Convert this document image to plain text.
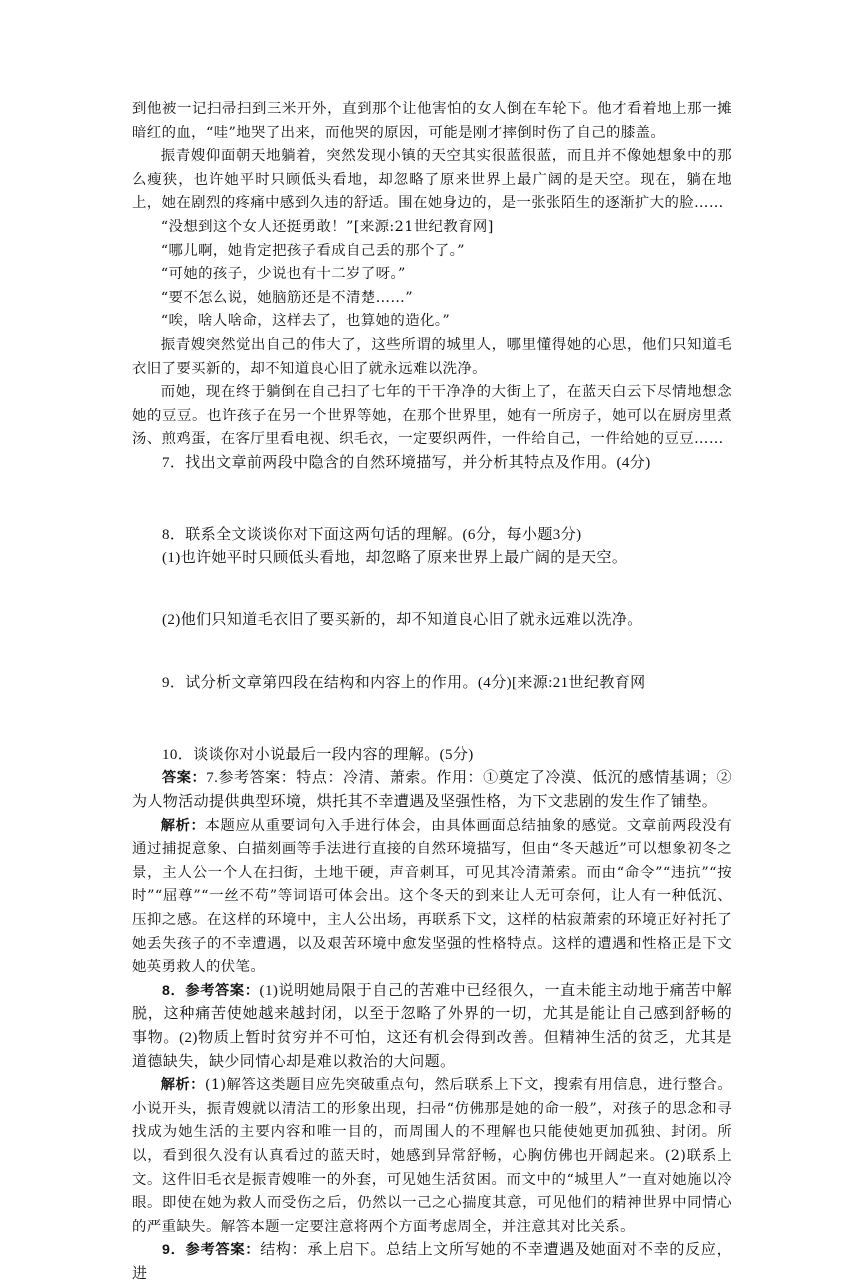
到他被一记扫帚扫到三米开外，直到那个让他害怕的女人倒在车轮下。他才看着地上那一摊暗红的血，“哇”地哭了出来，而他哭的原因，可能是刚才摔倒时伤了自己的膝盖。

振青嫂仰面朝天地躺着，突然发现小镇的天空其实很蓝很蓝，而且并不像她想象中的那么瘦狭，也许她平时只顾低头看地，却忽略了原来世界上最广阔的是天空。现在，躺在地上，她在剧烈的疼痛中感到久违的舒适。围在她身边的，是一张张陌生的逐渐扩大的脸……

“没想到这个女人还挺勇敢！”[来源:21世纪教育网]

“哪儿啊，她肯定把孩子看成自己丢的那个了。”

“可她的孩子，少说也有十二岁了呀。”

“要不怎么说，她脑筋还是不清楚……”

“唉，啥人啥命，这样去了，也算她的造化。”

振青嫂突然觉出自己的伟大了，这些所谓的城里人，哪里懂得她的心思，他们只知道毛衣旧了要买新的，却不知道良心旧了就永远难以洗净。

而她，现在终于躺倒在自己扫了七年的干干净净的大街上了，在蓝天白云下尽情地想念她的豆豆。也许孩子在另一个世界等她，在那个世界里，她有一所房子，她可以在厨房里煮汤、煎鸡蛋，在客厅里看电视、织毛衣，一定要织两件，一件给自己，一件给她的豆豆……

7．找出文章前两段中隐含的自然环境描写，并分析其特点及作用。(4分)

8．联系全文谈谈你对下面这两句话的理解。(6分，每小题3分)

(1)也许她平时只顾低头看地，却忽略了原来世界上最广阔的是天空。

(2)他们只知道毛衣旧了要买新的，却不知道良心旧了就永远难以洗净。

9．试分析文章第四段在结构和内容上的作用。(4分)[来源:21世纪教育网

10．谈谈你对小说最后一段内容的理解。(5分)

答案：7.参考答案：特点：冷清、萧索。作用：①奠定了冷漠、低沉的感情基调；②为人物活动提供典型环境，烘托其不幸遭遇及坚强性格，为下文悲剧的发生作了铺垫。

解析：本题应从重要词句入手进行体会，由具体画面总结抽象的感觉。文章前两段没有通过捕捉意象、白描刻画等手法进行直接的自然环境描写，但由“冬天越近”可以想象初冬之景，主人公一个人在扫街，土地干硬，声音刺耳，可见其冷清萧索。而由“命令”“违抗”“按时”“屈尊”“一丝不苟”等词语可体会出。这个冬天的到来让人无可奈何，让人有一种低沉、压抑之感。在这样的环境中，主人公出场，再联系下文，这样的枯寂萧索的环境正好衬托了她丢失孩子的不幸遭遇，以及艰苦环境中愈发坚强的性格特点。这样的遭遇和性格正是下文她英勇救人的伏笔。

8．参考答案：(1)说明她局限于自己的苦难中已经很久，一直未能主动地于痛苦中解脱，这种痛苦使她越来越封闭，以至于忽略了外界的一切，尤其是能让自己感到舒畅的事物。(2)物质上暂时贫穷并不可怕，这还有机会得到改善。但精神生活的贫乏，尤其是道德缺失，缺少同情心却是难以救治的大问题。

解析：(1)解答这类题目应先突破重点句，然后联系上下文，搜索有用信息，进行整合。小说开头，振青嫂就以清洁工的形象出现，扫帚“仿佛那是她的命一般”，对孩子的思念和寻找成为她生活的主要内容和唯一目的，而周围人的不理解也只能使她更加孤独、封闭。所以，看到很久没有认真看过的蓝天时，她感到异常舒畅，心胸仿佛也开阔起来。(2)联系上文。这件旧毛衣是振青嫂唯一的外套，可见她生活贫困。而文中的“城里人”一直对她施以冷眼。即使在她为救人而受伤之后，仍然以一己之心揣度其意，可见他们的精神世界中同情心的严重缺失。解答本题一定要注意将两个方面考虑周全，并注意其对比关系。

9．参考答案：结构：承上启下。总结上文所写她的不幸遭遇及她面对不幸的反应，进
